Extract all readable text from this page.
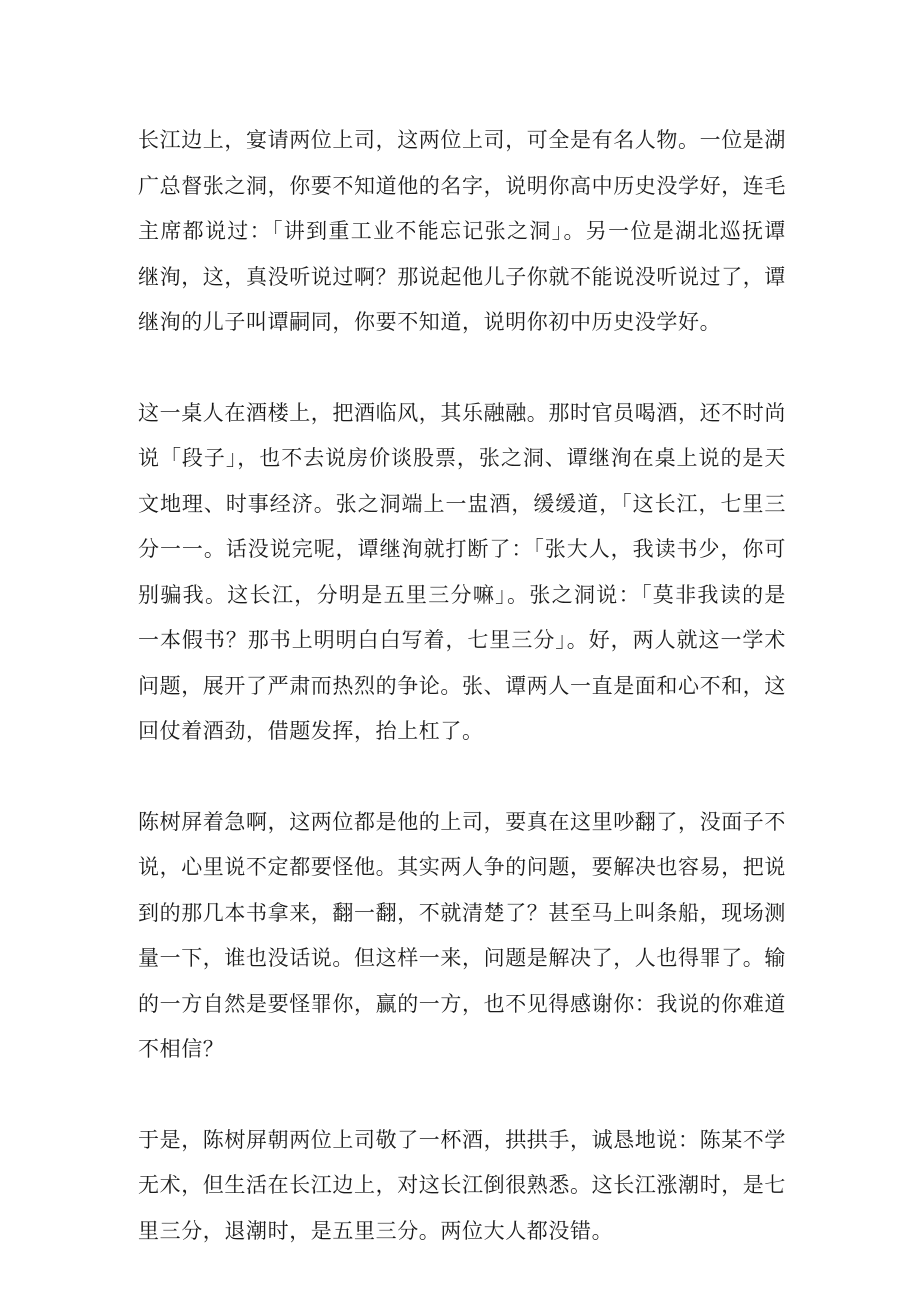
长江边上，宴请两位上司，这两位上司，可全是有名人物。一位是湖广总督张之洞，你要不知道他的名字，说明你高中历史没学好，连毛主席都说过：「讲到重工业不能忘记张之洞」。另一位是湖北巡抚谭继洵，这，真没听说过啊？那说起他儿子你就不能说没听说过了，谭继洵的儿子叫谭嗣同，你要不知道，说明你初中历史没学好。

这一桌人在酒楼上，把酒临风，其乐融融。那时官员喝酒，还不时尚说「段子」，也不去说房价谈股票，张之洞、谭继洵在桌上说的是天文地理、时事经济。张之洞端上一盅酒，缓缓道，「这长江，七里三分一一。话没说完呢，谭继洵就打断了：「张大人，我读书少，你可别骗我。这长江，分明是五里三分嘛」。张之洞说：「莫非我读的是一本假书？那书上明明白白写着，七里三分」。好，两人就这一学术问题，展开了严肃而热烈的争论。张、谭两人一直是面和心不和，这回仗着酒劲，借题发挥，抬上杠了。

陈树屏着急啊，这两位都是他的上司，要真在这里吵翻了，没面子不说，心里说不定都要怪他。其实两人争的问题，要解决也容易，把说到的那几本书拿来，翻一翻，不就清楚了？甚至马上叫条船，现场测量一下，谁也没话说。但这样一来，问题是解决了，人也得罪了。输的一方自然是要怪罪你，赢的一方，也不见得感谢你：我说的你难道不相信？

于是，陈树屏朝两位上司敬了一杯酒，拱拱手，诚恳地说：陈某不学无术，但生活在长江边上，对这长江倒很熟悉。这长江涨潮时，是七里三分，退潮时，是五里三分。两位大人都没错。
